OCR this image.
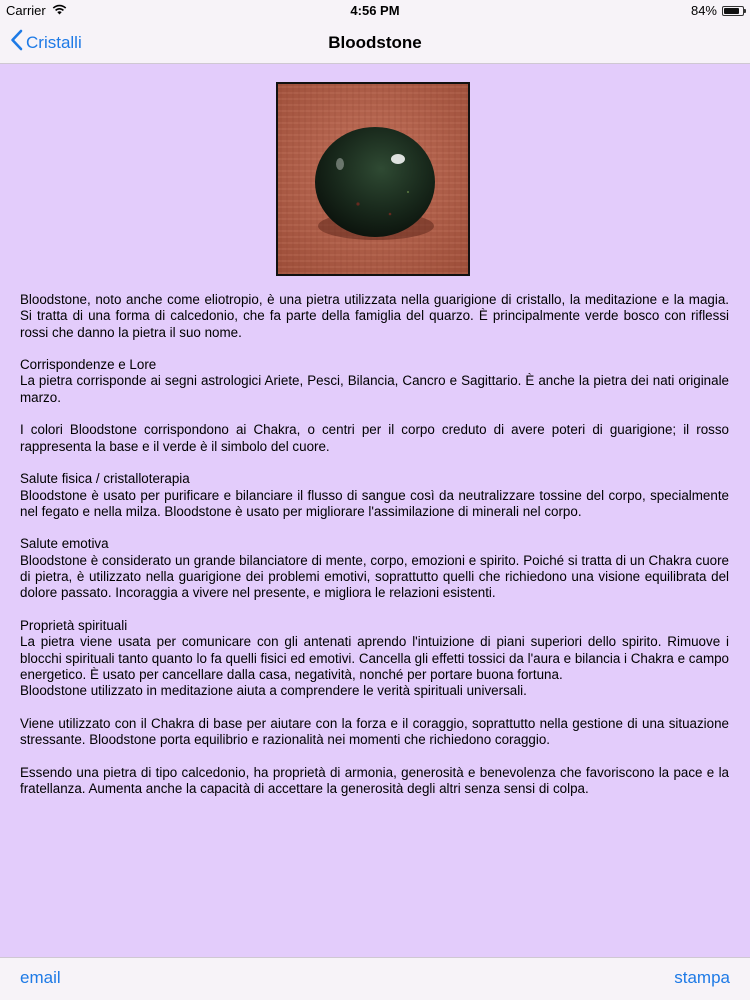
Carrier	4:56 PM	84%
Cristalli	Bloodstone

Bloodstone, noto anche come eliotropio, è una pietra utilizzata nella guarigione di cristallo, la meditazione e la magia. Si tratta di una forma di calcedonio, che fa parte della famiglia del quarzo. È principalmente verde bosco con riflessi rossi che danno la pietra il suo nome.

Corrispondenze e Lore
La pietra corrisponde ai segni astrologici Ariete, Pesci, Bilancia, Cancro e Sagittario. È anche la pietra dei nati originale marzo.

I colori Bloodstone corrispondono ai Chakra, o centri per il corpo creduto di avere poteri di guarigione; il rosso rappresenta la base e il verde è il simbolo del cuore.

Salute fisica / cristalloterapia
Bloodstone è usato per purificare e bilanciare il flusso di sangue così da neutralizzare tossine del corpo, specialmente nel fegato e nella milza. Bloodstone è usato per migliorare l'assimilazione di minerali nel corpo.

Salute emotiva
Bloodstone è considerato un grande bilanciatore di mente, corpo, emozioni e spirito. Poiché si tratta di un Chakra cuore di pietra, è utilizzato nella guarigione dei problemi emotivi, soprattutto quelli che richiedono una visione equilibrata del dolore passato. Incoraggia a vivere nel presente, e migliora le relazioni esistenti.

Proprietà spirituali
La pietra viene usata per comunicare con gli antenati aprendo l'intuizione di piani superiori dello spirito. Rimuove i blocchi spirituali tanto quanto lo fa quelli fisici ed emotivi. Cancella gli effetti tossici da l'aura e bilancia i Chakra e campo energetico. È usato per cancellare dalla casa, negatività, nonché per portare buona fortuna.
Bloodstone utilizzato in meditazione aiuta a comprendere le verità spirituali universali.

Viene utilizzato con il Chakra di base per aiutare con la forza e il coraggio, soprattutto nella gestione di una situazione stressante. Bloodstone porta equilibrio e razionalità nei momenti che richiedono coraggio.

Essendo una pietra di tipo calcedonio, ha proprietà di armonia, generosità e benevolenza che favoriscono la pace e la fratellanza. Aumenta anche la capacità di accettare la generosità degli altri senza sensi di colpa.

email	stampa
